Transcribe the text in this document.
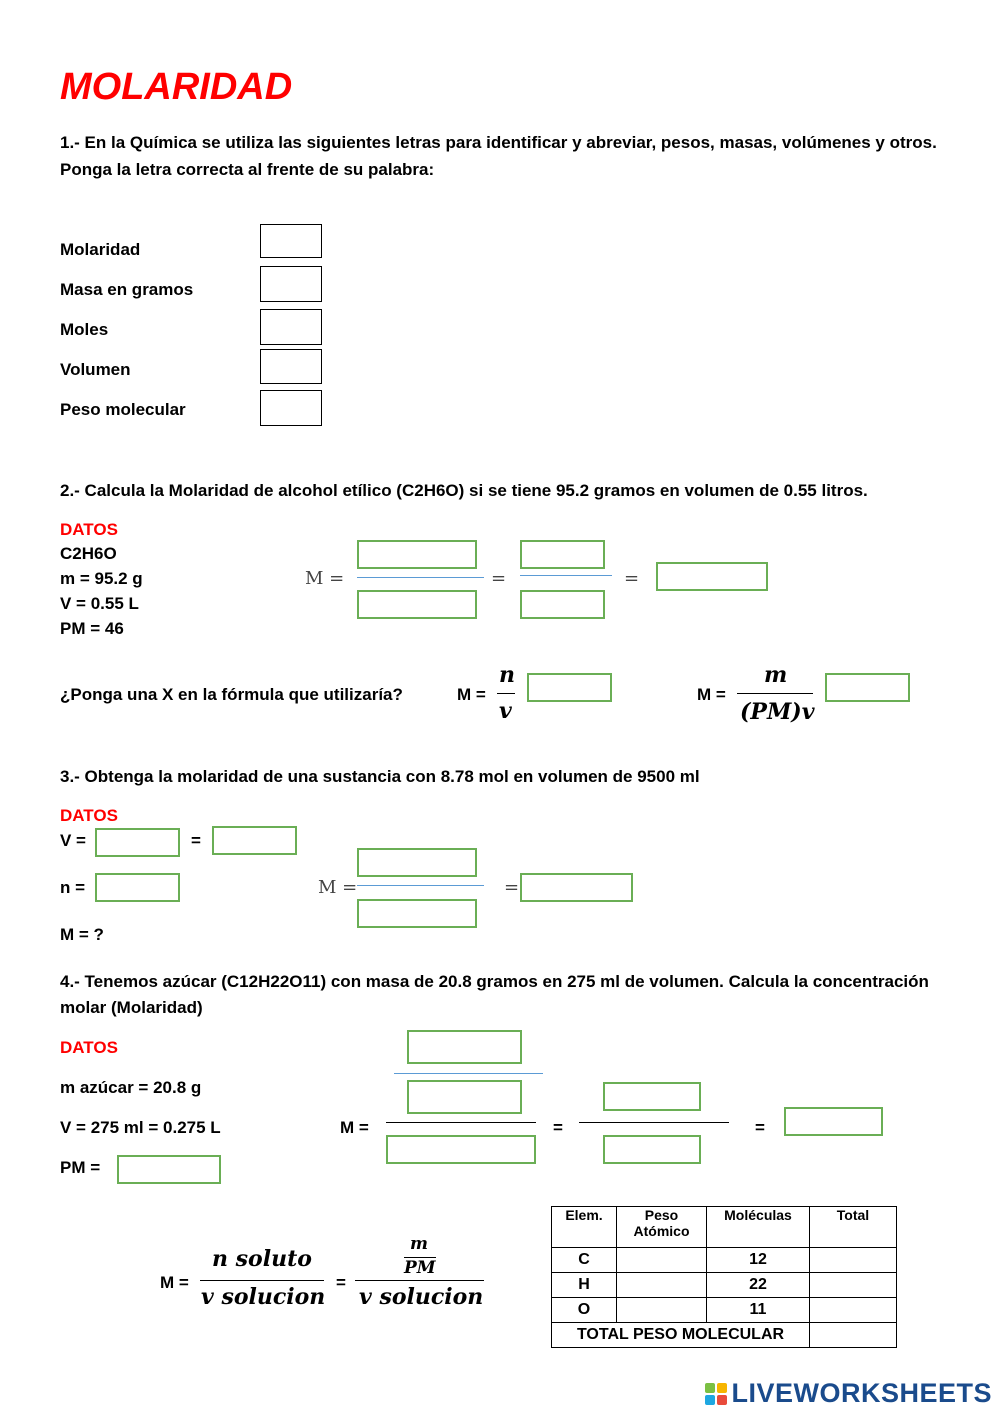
MOLARIDAD
1.- En la Química se utiliza las siguientes letras para identificar y abreviar, pesos, masas, volúmenes y otros.
Ponga la letra correcta al frente de su palabra:
Molaridad
Masa en gramos
Moles
Volumen
Peso molecular
2.- Calcula la Molaridad de alcohol etílico (C2H6O) si se tiene 95.2 gramos en volumen de 0.55 litros.
DATOS
C2H6O
m = 95.2 g
V = 0.55 L
PM = 46
M =	=	=
¿Ponga una X en la fórmula que utilizaría?	M =
n
v
M =
m
(PM)v
3.- Obtenga la molaridad de una sustancia con 8.78 mol en volumen de 9500 ml
DATOS
V =	=
n =
M = ?
M =	=
4.- Tenemos azúcar (C12H22O11) con masa de 20.8 gramos en 275 ml de volumen. Calcula la concentración
molar (Molaridad)
DATOS
m azúcar = 20.8 g
V = 275 ml = 0.275 L
PM =
M =	=	=
M =
n soluto
v solucion
=
m
PM
v solucion
Elem.	Peso Atómico	Moléculas	Total
C		12	
H		22	
O		11	
TOTAL PESO MOLECULAR			
LIVEWORKSHEETS
